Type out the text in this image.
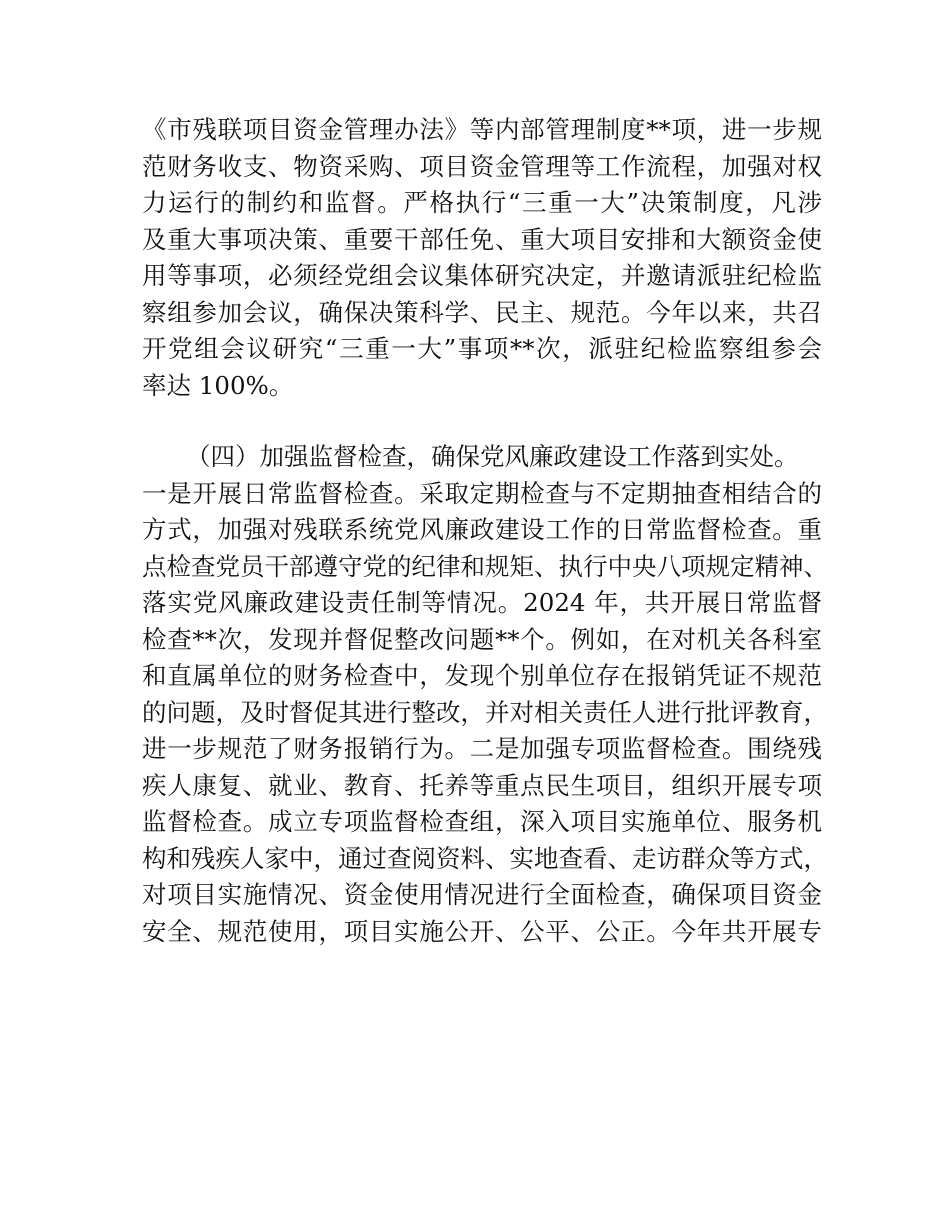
《市残联项目资金管理办法》等内部管理制度**项，进一步规
范财务收支、物资采购、项目资金管理等工作流程，加强对权
力运行的制约和监督。严格执行“三重一大”决策制度，凡涉
及重大事项决策、重要干部任免、重大项目安排和大额资金使
用等事项，必须经党组会议集体研究决定，并邀请派驻纪检监
察组参加会议，确保决策科学、民主、规范。今年以来，共召
开党组会议研究“三重一大”事项**次，派驻纪检监察组参会
率达 100%。
（四）加强监督检查，确保党风廉政建设工作落到实处。
一是开展日常监督检查。采取定期检查与不定期抽查相结合的
方式，加强对残联系统党风廉政建设工作的日常监督检查。重
点检查党员干部遵守党的纪律和规矩、执行中央八项规定精神、
落实党风廉政建设责任制等情况。2024 年，共开展日常监督
检查**次，发现并督促整改问题**个。例如，在对机关各科室
和直属单位的财务检查中，发现个别单位存在报销凭证不规范
的问题，及时督促其进行整改，并对相关责任人进行批评教育，
进一步规范了财务报销行为。二是加强专项监督检查。围绕残
疾人康复、就业、教育、托养等重点民生项目，组织开展专项
监督检查。成立专项监督检查组，深入项目实施单位、服务机
构和残疾人家中，通过查阅资料、实地查看、走访群众等方式，
对项目实施情况、资金使用情况进行全面检查，确保项目资金
安全、规范使用，项目实施公开、公平、公正。今年共开展专
